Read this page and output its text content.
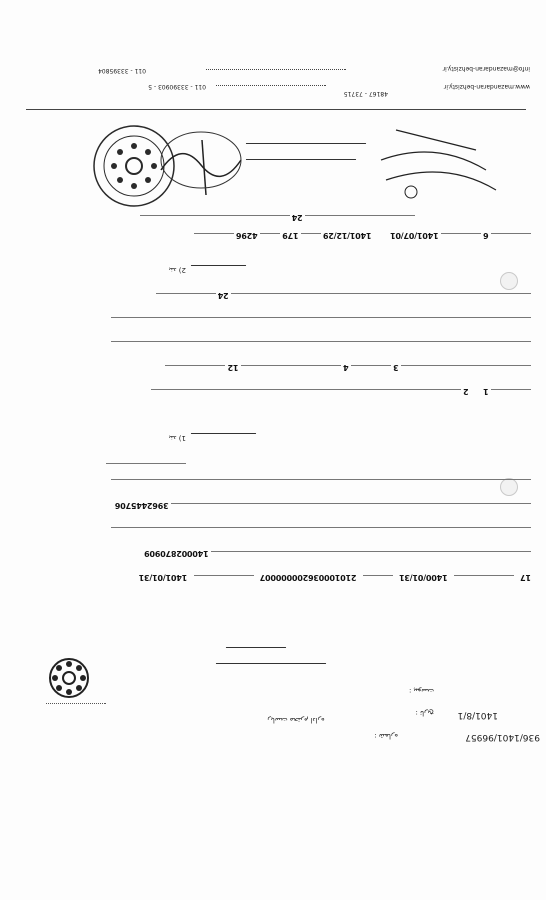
شماره :	936/1401/96957
تاریخ :	1401/8/1
پیوست :
ریاست محترم اداره
17  1400/01/31  210100036200000007  1401/01/31
140002870909
3962445706
بند (1
1  2
3  4  12
24
بند (2
6  1401/07/01  1401/12/29  179  4296
24
info@mazandaran-behzisty.ir
www.mazandaran-behzisty.ir
48167 - 73715
011 - 33390903 - 5
011 - 33395804
